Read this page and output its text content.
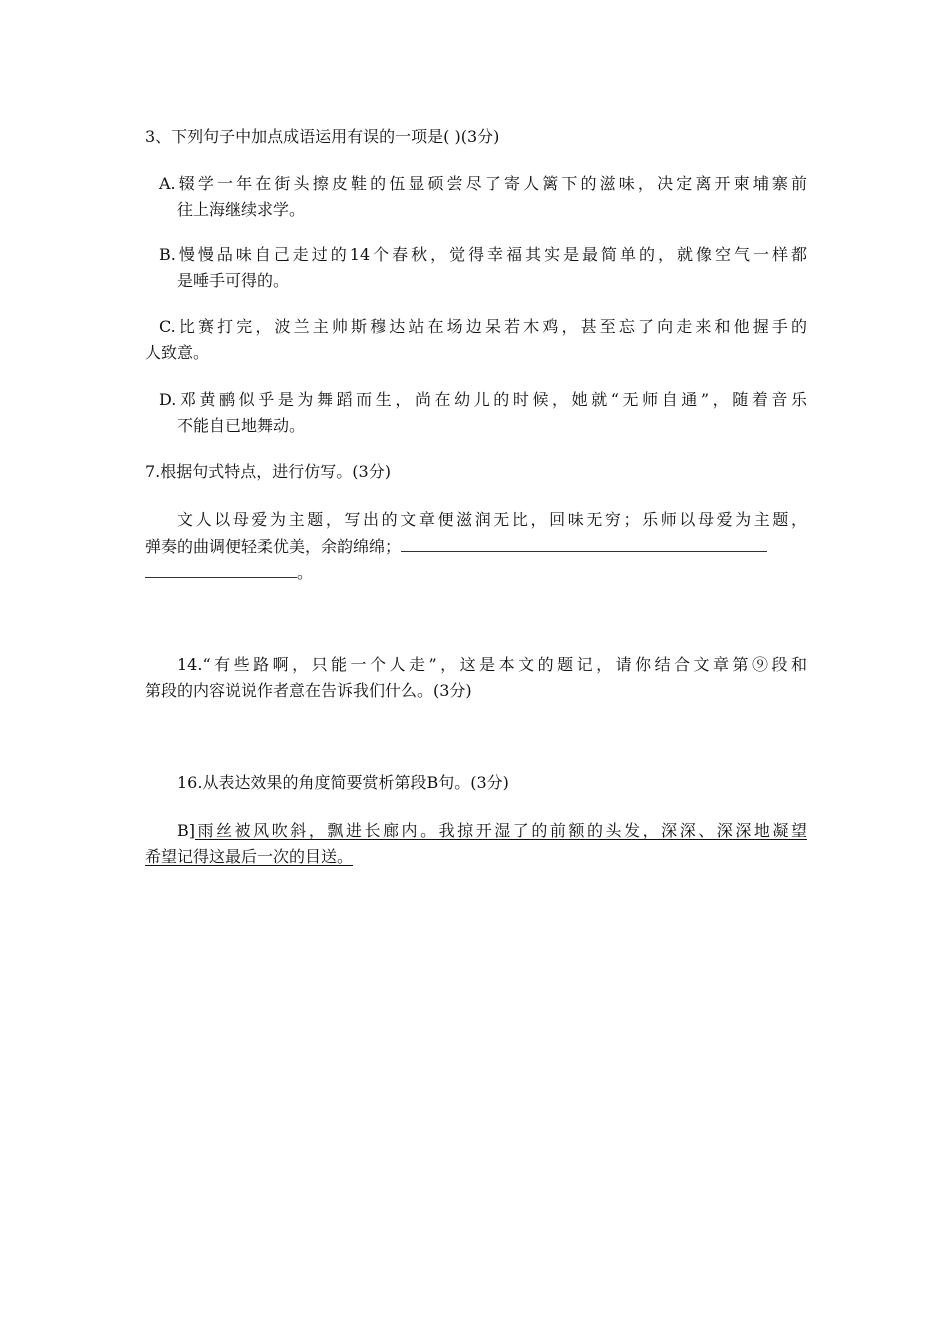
3、下列句子中加点成语运用有误的一项是( )(3分)
A.辍学一年在街头擦皮鞋的伍显硕尝尽了寄人篱下的滋味，决定离开柬埔寨前
往上海继续求学。
B.慢慢品味自己走过的14个春秋，觉得幸福其实是最简单的，就像空气一样都
是唾手可得的。
C.比赛打完，波兰主帅斯穆达站在场边呆若木鸡，甚至忘了向走来和他握手的
人致意。
D.邓黄鹂似乎是为舞蹈而生，尚在幼儿的时候，她就“无师自通”，随着音乐
不能自已地舞动。
7.根据句式特点，进行仿写。(3分)
文人以母爱为主题，写出的文章便滋润无比，回味无穷；乐师以母爱为主题，
弹奏的曲调便轻柔优美，余韵绵绵；
。
14.“有些路啊，只能一个人走”，这是本文的题记，请你结合文章第⑨段和
第段的内容说说作者意在告诉我们什么。(3分)
16.从表达效果的角度简要赏析第段B句。(3分)
B]雨丝被风吹斜，飘进长廊内。我掠开湿了的前额的头发，深深、深深地凝望
希望记得这最后一次的目送。
